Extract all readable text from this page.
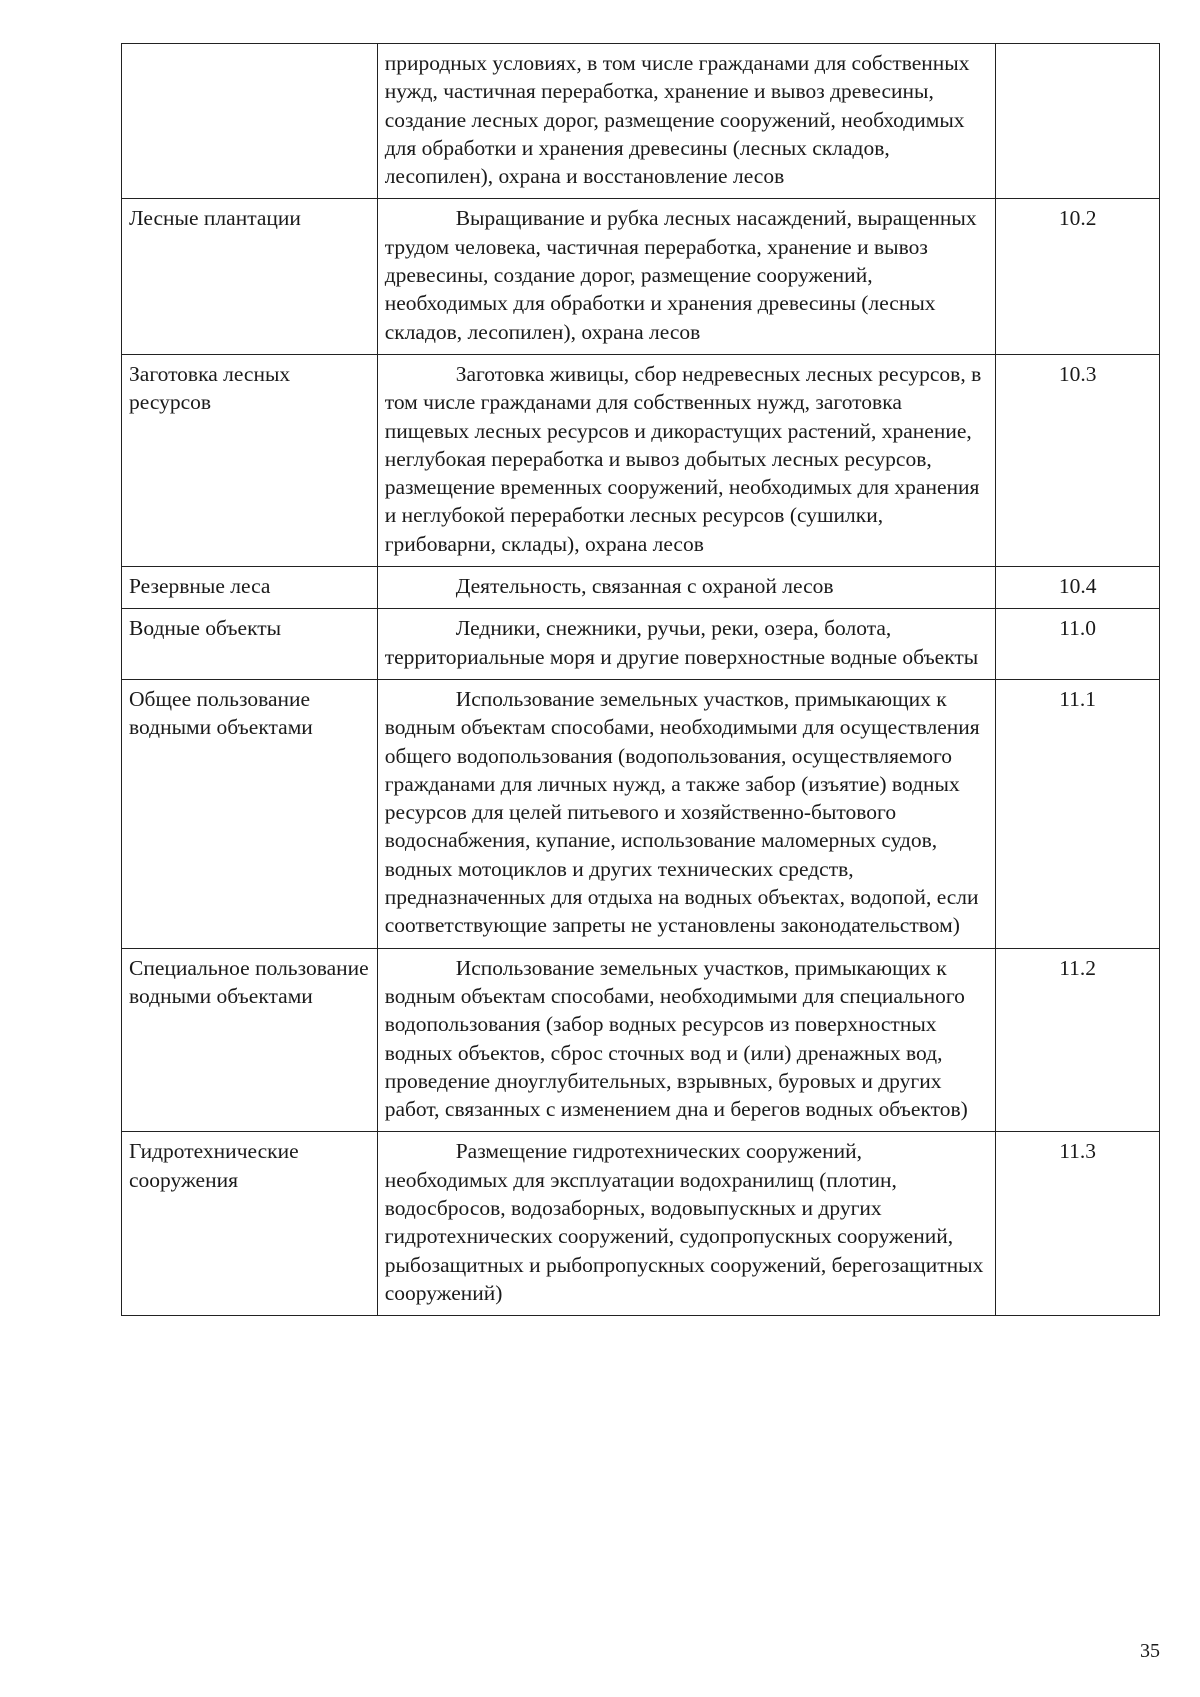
	природных условиях, в том числе гражданами для собственных нужд, частичная переработка, хранение и вывоз древесины, создание лесных дорог, размещение сооружений, необходимых для обработки и хранения древесины (лесных складов, лесопилен), охрана и восстановление лесов	
Лесные плантации	Выращивание и рубка лесных насаждений, выращенных трудом человека, частичная переработка, хранение и вывоз древесины, создание дорог, размещение сооружений, необходимых для обработки и хранения древесины (лесных складов, лесопилен), охрана лесов	10.2
Заготовка лесных ресурсов	Заготовка живицы, сбор недревесных лесных ресурсов, в том числе гражданами для собственных нужд, заготовка пищевых лесных ресурсов и дикорастущих растений, хранение, неглубокая переработка и вывоз добытых лесных ресурсов, размещение временных сооружений, необходимых для хранения и неглубокой переработки лесных ресурсов (сушилки, грибоварни, склады), охрана лесов	10.3
Резервные леса	Деятельность, связанная с охраной лесов	10.4
Водные объекты	Ледники, снежники, ручьи, реки, озера, болота, территориальные моря и другие поверхностные водные объекты	11.0
Общее пользование водными объектами	Использование земельных участков, примыкающих к водным объектам способами, необходимыми для осуществления общего водопользования (водопользования, осуществляемого гражданами для личных нужд, а также забор (изъятие) водных ресурсов для целей питьевого и хозяйственно-бытового водоснабжения, купание, использование маломерных судов, водных мотоциклов и других технических средств, предназначенных для отдыха на водных объектах, водопой, если соответствующие запреты не установлены законодательством)	11.1
Специальное пользование водными объектами	Использование земельных участков, примыкающих к водным объектам способами, необходимыми для специального водопользования (забор водных ресурсов из поверхностных водных объектов, сброс сточных вод и (или) дренажных вод, проведение дноуглубительных, взрывных, буровых и других работ, связанных с изменением дна и берегов водных объектов)	11.2
Гидротехнические сооружения	Размещение гидротехнических сооружений, необходимых для эксплуатации водохранилищ (плотин, водосбросов, водозаборных, водовыпускных и других гидротехнических сооружений, судопропускных сооружений, рыбозащитных и рыбопропускных сооружений, берегозащитных сооружений)	11.3
35
